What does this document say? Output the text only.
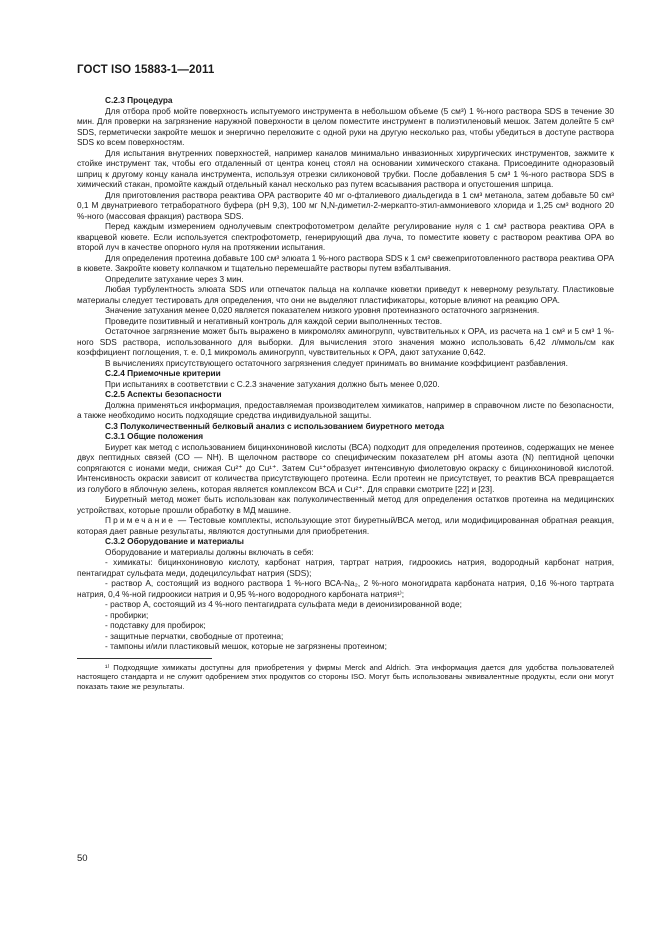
ГОСТ ISO 15883-1—2011

С.2.3 Процедура

Для отбора проб мойте поверхность испытуемого инструмента в небольшом объеме (5 см³) 1 %-ного раствора SDS в течение 30 мин. Для проверки на загрязнение наружной поверхности в целом поместите инструмент в полиэтиленовый мешок. Затем долейте 5 см³ SDS, герметически закройте мешок и энергично переложите с одной руки на другую несколько раз, чтобы убедиться в доступе раствора SDS ко всем поверхностям.

Для испытания внутренних поверхностей, например каналов минимально инвазионных хирургических инструментов, зажмите к стойке инструмент так, чтобы его отдаленный от центра конец стоял на основании химического стакана. Присоедините одноразовый шприц к другому концу канала инструмента, используя отрезки силиконовой трубки. После добавления 5 см³ 1 %-ного раствора SDS в химический стакан, промойте каждый отдельный канал несколько раз путем всасывания раствора и опустошения шприца.

Для приготовления раствора реактива ОРА растворите 40 мг о-фталиевого диальдегида в 1 см³ метанола, затем добавьте 50 см³ 0,1 М двунатриевого тетраборатного буфера (рН 9,3), 100 мг N,N-диметил-2-меркапто-этил-аммониевого хлорида и 1,25 см³ водного 20 %-ного (массовая фракция) раствора SDS.

Перед каждым измерением однолучевым спектрофотометром делайте регулирование нуля с 1 см³ раствора реактива ОРА в кварцевой кювете. Если используется спектрофотометр, генерирующий два луча, то поместите кювету с раствором реактива ОРА во второй луч в качестве опорного нуля на протяжении испытания.

Для определения протеина добавьте 100 см³ элюата 1 %-ного раствора SDS к 1 см³ свежеприготовленного раствора реактива ОРА в кювете. Закройте кювету колпачком и тщательно перемешайте растворы путем взбалтывания.

Определите затухание через 3 мин.

Любая турбулентность элюата SDS или отпечаток пальца на колпачке кюветки приведут к неверному результату. Пластиковые материалы следует тестировать для определения, что они не выделяют пластификаторы, которые влияют на реакцию ОРА.

Значение затухания менее 0,020 является показателем низкого уровня протеиназного остаточного загрязнения.

Проведите позитивный и негативный контроль для каждой серии выполненных тестов.

Остаточное загрязнение может быть выражено в микромолях аминогрупп, чувствительных к ОРА, из расчета на 1 см³ и 5 см³ 1 %-ного SDS раствора, использованного для выборки. Для вычисления этого значения можно использовать 6,42 л/ммоль/см как коэффициент поглощения, т. е. 0,1 микромоль аминогрупп, чувствительных к ОРА, дают затухание 0,642.

В вычислениях присутствующего остаточного загрязнения следует принимать во внимание коэффициент разбавления.

С.2.4 Приемочные критерии

При испытаниях в соответствии с С.2.3 значение затухания должно быть менее 0,020.

С.2.5 Аспекты безопасности

Должна применяться информация, предоставляемая производителем химикатов, например в справочном листе по безопасности, а также необходимо носить подходящие средства индивидуальной защиты.

С.3 Полуколичественный белковый анализ с использованием биуретного метода

С.3.1 Общие положения

Биурет как метод с использованием бицинхониновой кислоты (ВСА) подходит для определения протеинов, содержащих не менее двух пептидных связей (СО — NH). В щелочном растворе со специфическим показателем pH атомы азота (N) пептидной цепочки сопрягаются с ионами меди, снижая Cu²⁺ до Cu¹⁺. Затем Cu¹⁺образует интенсивную фиолетовую окраску с бицинхониновой кислотой. Интенсивность окраски зависит от количества присутствующего протеина. Если протеин не присутствует, то реактив ВСА превращается из голубого в яблочную зелень, которая является комплексом ВСА и Cu²⁺. Для справки смотрите [22] и [23].

Биуретный метод может быть использован как полуколичественный метод для определения остатков протеина на медицинских устройствах, которые прошли обработку в МД машине.

Примечание — Тестовые комплекты, использующие этот биуретный/ВСА метод, или модифицированная обратная реакция, которая дает равные результаты, являются доступными для приобретения.

С.3.2 Оборудование и материалы

Оборудование и материалы должны включать в себя:

- химикаты: бицинхониновую кислоту, карбонат натрия, тартрат натрия, гидроокись натрия, водородный карбонат натрия, пентагидрат сульфата меди, додецилсульфат натрия (SDS);

- раствор А, состоящий из водного раствора 1 %-ного ВСА-Na₂, 2 %-ного моногидрата карбоната натрия, 0,16 %-ного тартрата натрия, 0,4 %-ной гидроокиси натрия и 0,95 %-ного водородного карбоната натрия¹⁾;

- раствор А, состоящий из 4 %-ного пентагидрата сульфата меди в деионизированной воде;

- пробирки;

- подставку для пробирок;

- защитные перчатки, свободные от протеина;

- тампоны и/или пластиковый мешок, которые не загрязнены протеином;

¹⁾ Подходящие химикаты доступны для приобретения у фирмы Merck and Aldrich. Эта информация дается для удобства пользователей настоящего стандарта и не служит одобрением этих продуктов со стороны ISO. Могут быть использованы эквивалентные продукты, если они могут показать такие же результаты.

50
